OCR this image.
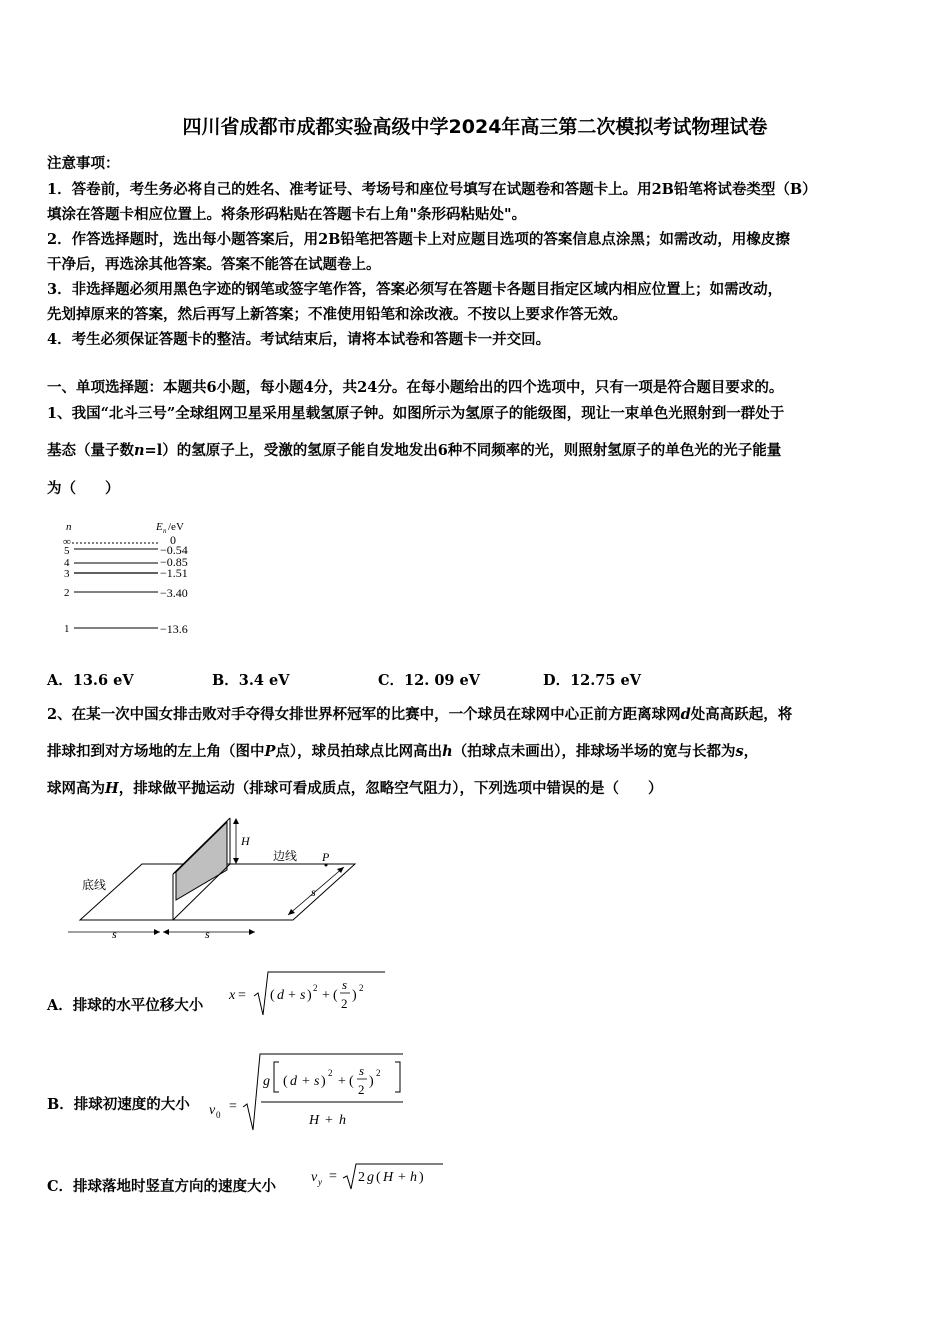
四川省成都市成都实验高级中学2024年高三第二次模拟考试物理试卷
注意事项：
1．答卷前，考生务必将自己的姓名、准考证号、考场号和座位号填写在试题卷和答题卡上。用2B铅笔将试卷类型（B）
填涂在答题卡相应位置上。将条形码粘贴在答题卡右上角"条形码粘贴处"。
2．作答选择题时，选出每小题答案后，用2B铅笔把答题卡上对应题目选项的答案信息点涂黑；如需改动，用橡皮擦
干净后，再选涂其他答案。答案不能答在试题卷上。
3．非选择题必须用黑色字迹的钢笔或签字笔作答，答案必须写在答题卡各题目指定区域内相应位置上；如需改动，
先划掉原来的答案，然后再写上新答案；不准使用铅笔和涂改液。不按以上要求作答无效。
4．考生必须保证答题卡的整洁。考试结束后，请将本试卷和答题卡一并交回。
一、单项选择题：本题共6小题，每小题4分，共24分。在每小题给出的四个选项中，只有一项是符合题目要求的。
1、我国“北斗三号”全球组网卫星采用星载氢原子钟。如图所示为氢原子的能级图，现让一束单色光照射到一群处于
基态（量子数n=l）的氢原子上，受激的氢原子能自发地发出6种不同频率的光，则照射氢原子的单色光的光子能量
为（　　）
n	E n /eV
∞
5
4
3
2
1
0
−0.54
−0.85
−1.51
−3.40
−13.6
A．13.6 eV	B．3.4 eV	C．12. 09 eV	D．12.75 eV
2、在某一次中国女排击败对手夺得女排世界杯冠军的比赛中，一个球员在球网中心正前方距离球网d处高高跃起，将
排球扣到对方场地的左上角（图中P点），球员拍球点比网高出h（拍球点未画出），排球场半场的宽与长都为s，
球网高为H，排球做平抛运动（排球可看成质点，忽略空气阻力），下列选项中错误的是（　　）
H
边线 P
底线
s	s
s
A．排球的水平位移大小
x = ( d + s ) 2 + (
s
2
) 2
B．排球初速度的大小 v 0
=
g ( d + s )
2
+ (
s
2
)
2
H + h
C．排球落地时竖直方向的速度大小
v y = 2 g ( H + h )
